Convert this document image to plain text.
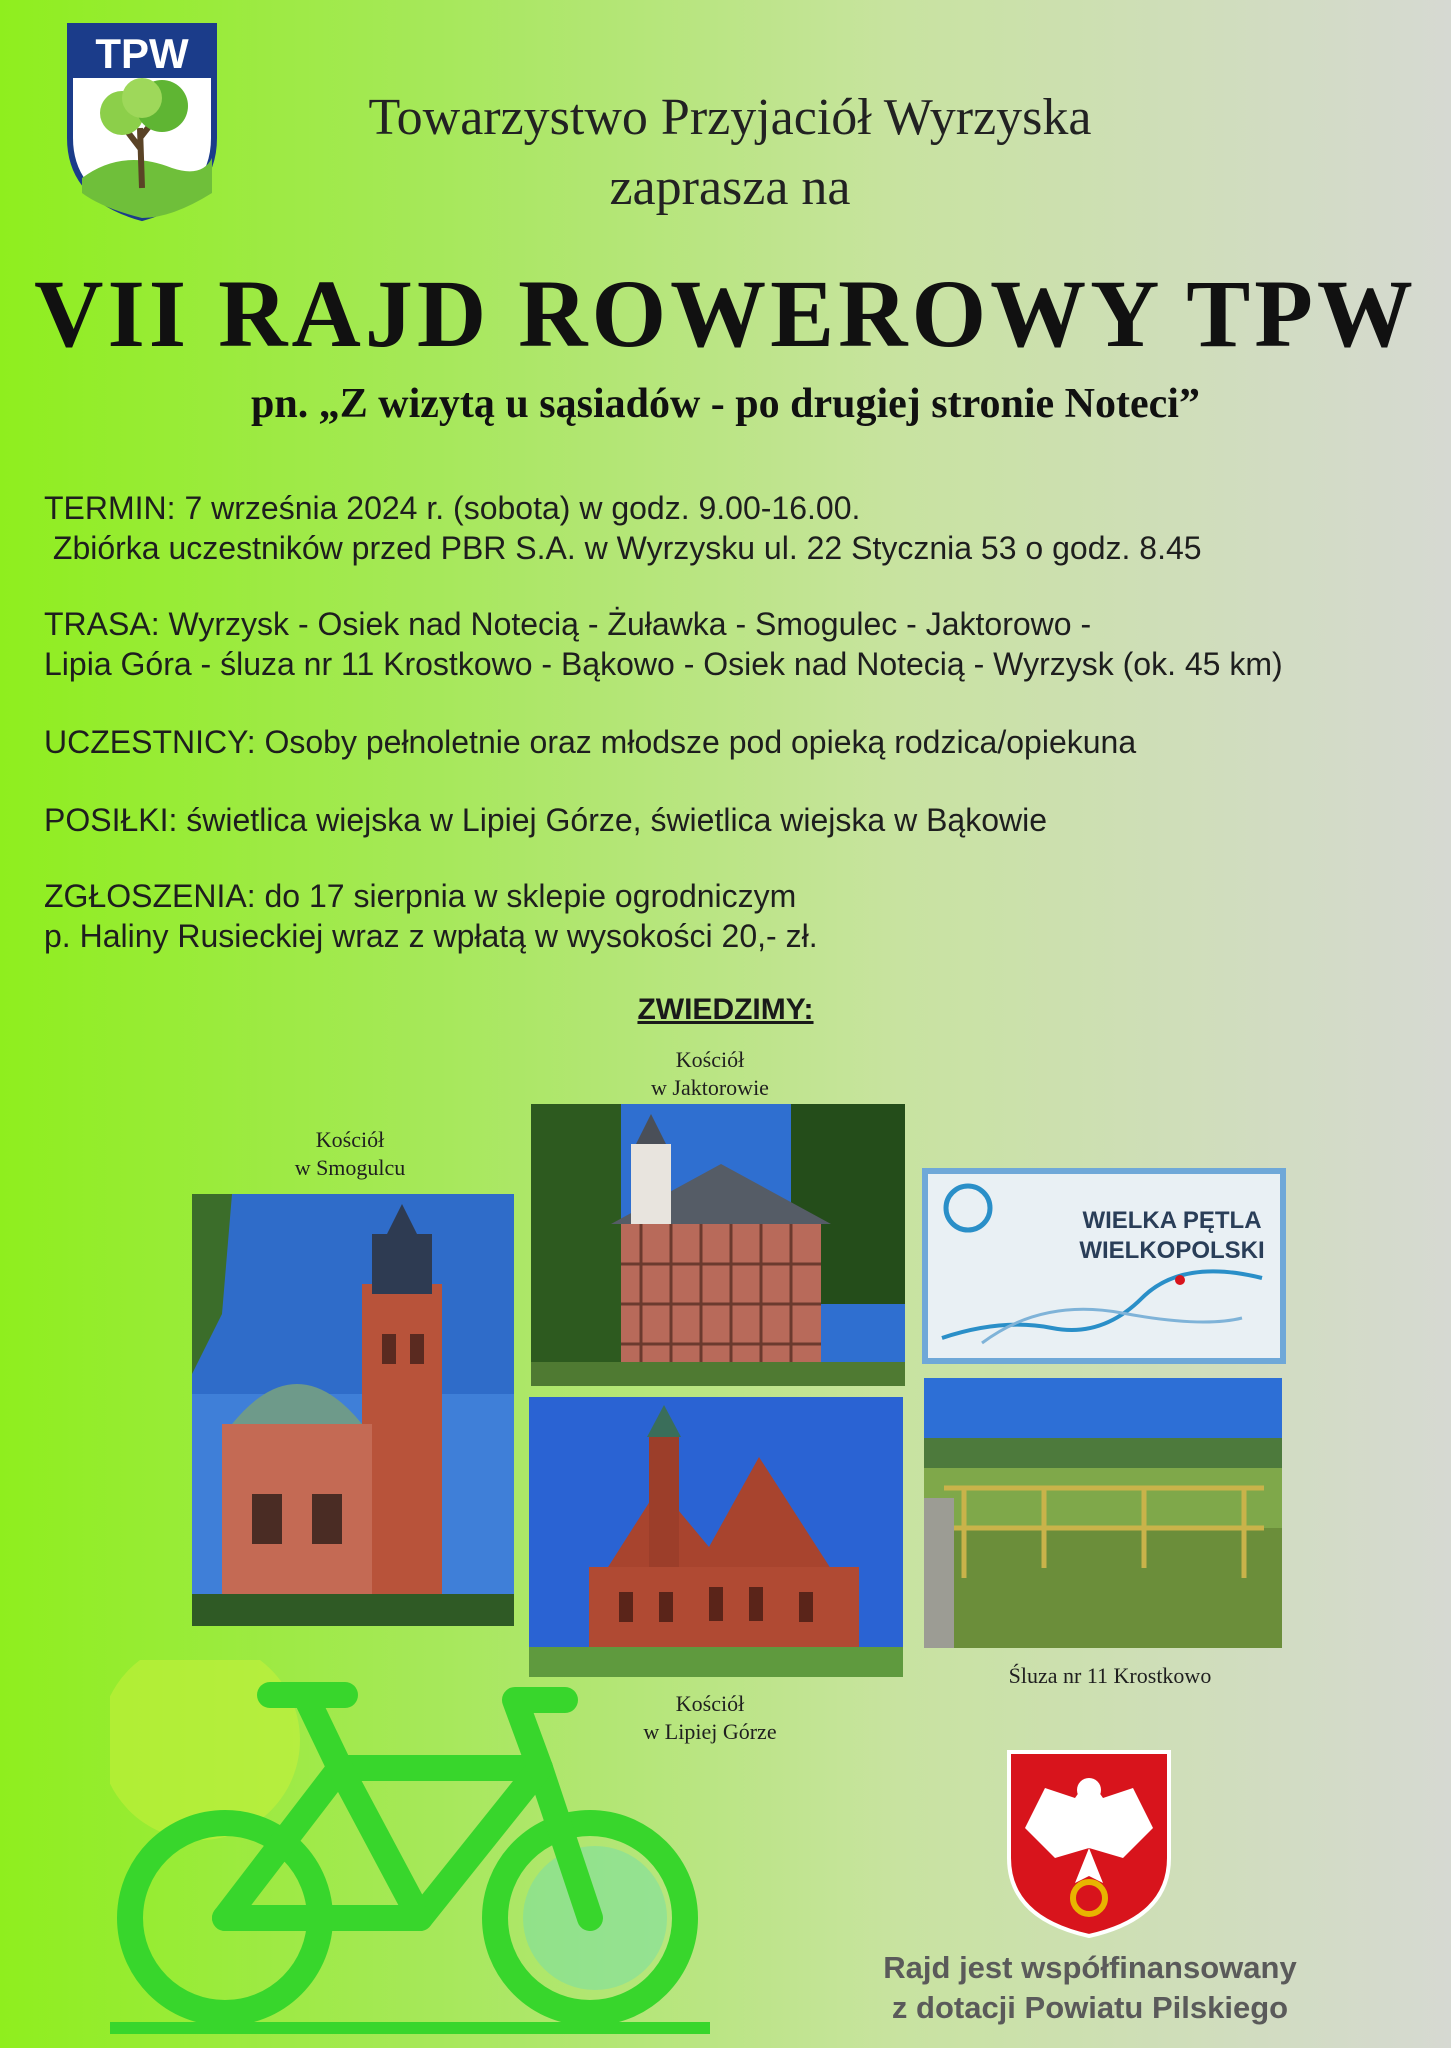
TPW
Towarzystwo Przyjaciół Wyrzyska
zaprasza na
VII RAJD ROWEROWY TPW
pn. „Z wizytą u sąsiadów - po drugiej stronie Noteci”
TERMIN: 7 września 2024 r. (sobota) w godz. 9.00-16.00.
Zbiórka uczestników przed PBR S.A. w Wyrzysku ul. 22 Stycznia 53 o godz. 8.45
TRASA: Wyrzysk - Osiek nad Notecią - Żuławka - Smogulec - Jaktorowo -
Lipia Góra - śluza nr 11 Krostkowo - Bąkowo - Osiek nad Notecią - Wyrzysk (ok. 45 km)
UCZESTNICY: Osoby pełnoletnie oraz młodsze pod opieką rodzica/opiekuna
POSIŁKI: świetlica wiejska w Lipiej Górze, świetlica wiejska w Bąkowie
ZGŁOSZENIA: do 17 sierpnia w sklepie ogrodniczym
p. Haliny Rusieckiej wraz z wpłatą w wysokości 20,- zł.
ZWIEDZIMY:
Kościół
w Smogulcu
Kościół
w Jaktorowie
Kościół
w Lipiej Górze
Śluza nr 11 Krostkowo
WIELKA PĘTLA
WIELKOPOLSKI
Rajd jest współfinansowany
z dotacji Powiatu Pilskiego
